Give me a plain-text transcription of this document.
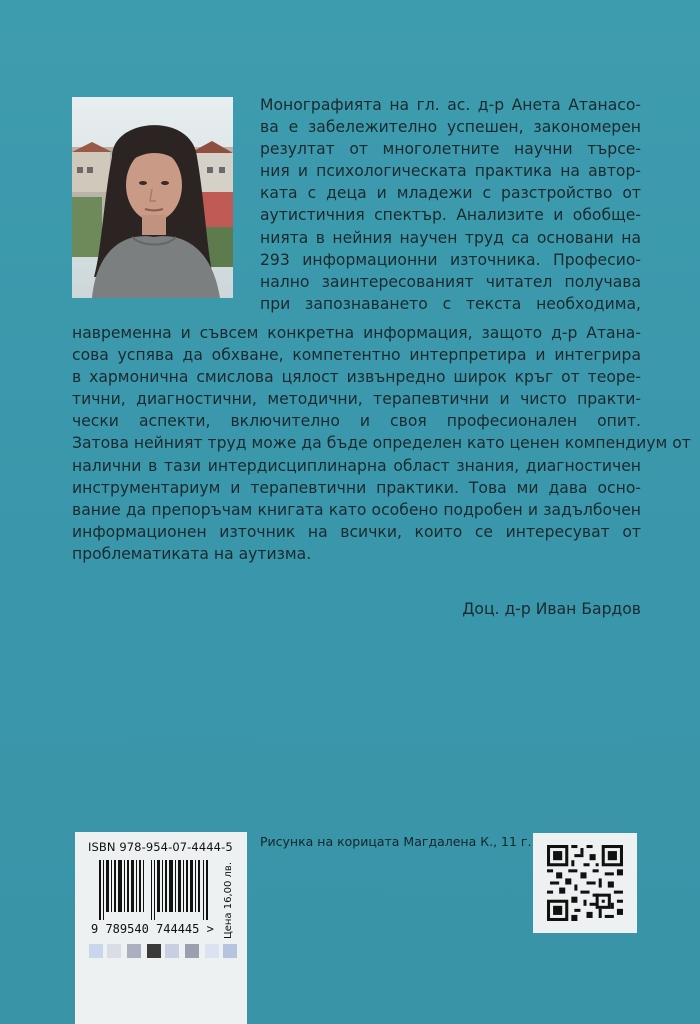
Монографията на гл. ас. д-р Анета Атанасо-
ва е забележително успешен, закономерен
резултат от многолетните научни търсе-
ния и психологическата практика на автор-
ката с деца и младежи с разстройство от
аутистичния спектър. Анализите и обобще-
нията в нейния научен труд са основани на
293 информационни източника. Професио-
нално заинтересованият читател получава
при запознаването с текста необходима,
навременна и съвсем конкретна информация, защото д-р Атана-
сова успява да обхване, компетентно интерпретира и интегрира
в хармонична смислова цялост извънредно широк кръг от теоре-
тични, диагностични, методични, терапевтични и чисто практи-
чески аспекти, включително и своя професионален опит.
Затова нейният труд може да бъде определен като ценен компендиум от
налични в тази интердисциплинарна област знания, диагностичен
инструментариум и терапевтични практики. Това ми дава осно-
вание да препоръчам книгата като особено подробен и задълбочен
информационен източник на всички, които се интересуват от
проблематиката на аутизма.
Доц. д-р Иван Бардов
ISBN 978-954-07-4444-5
9 789540 744445 > Цена 16,00 лв.
Рисунка на корицата Магдалена К., 11 г.
